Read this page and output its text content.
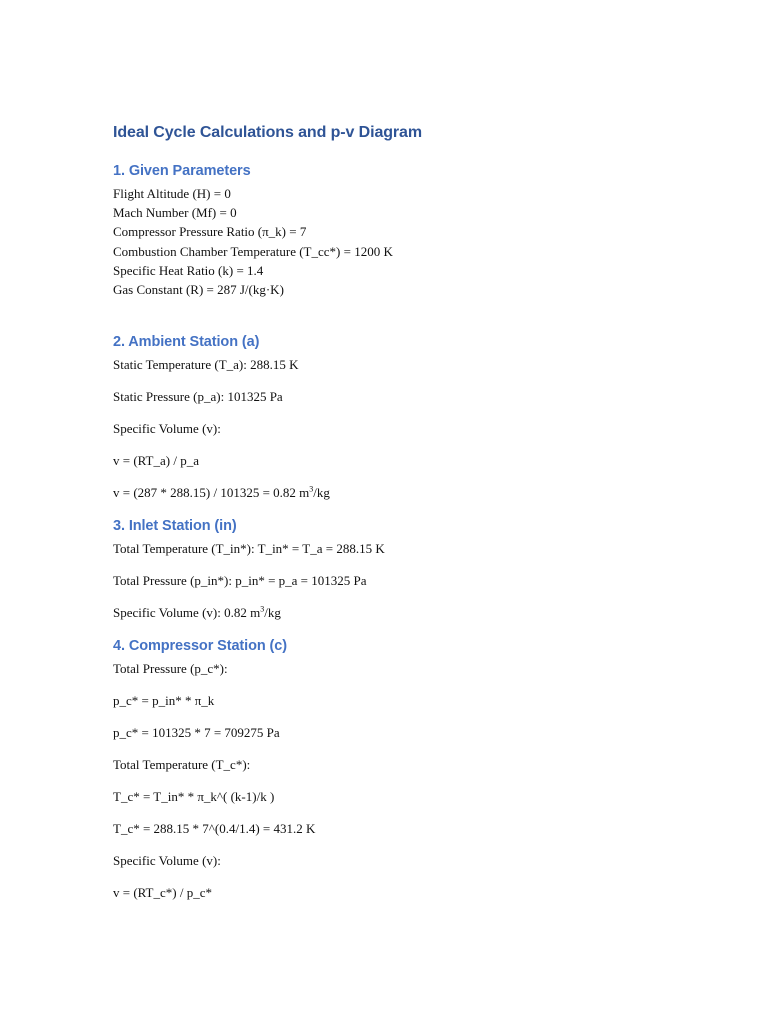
Ideal Cycle Calculations and p-v Diagram
1. Given Parameters

Flight Altitude (H) = 0

Mach Number (Mf) = 0

Compressor Pressure Ratio (π_k) = 7

Combustion Chamber Temperature (T_cc*) = 1200 K

Specific Heat Ratio (k) = 1.4

Gas Constant (R) = 287 J/(kg·K)

2. Ambient Station (a)

Static Temperature (T_a): 288.15 K

Static Pressure (p_a): 101325 Pa

Specific Volume (v):

v = (RT_a) / p_a

v = (287 * 288.15) / 101325 = 0.82 $m^3/kg$

3. Inlet Station (in)

Total Temperature (T_in*): T_in* = T_a = 288.15 K

Total Pressure (p_in*): p_in* = p_a = 101325 Pa

Specific Volume (v): 0.82 $m^3/kg$

4. Compressor Station (c)

Total Pressure (p_c*):

p_c* = p_in* * π_k

p_c* = 101325 * 7 = 709275 Pa

Total Temperature (T_c*):

T_c* = T_in* * π_k^( (k-1)/k )

T_c* = 288.15 * 7^(0.4/1.4) = 431.2 K

Specific Volume (v):

v = (RT_c*) / p_c*
